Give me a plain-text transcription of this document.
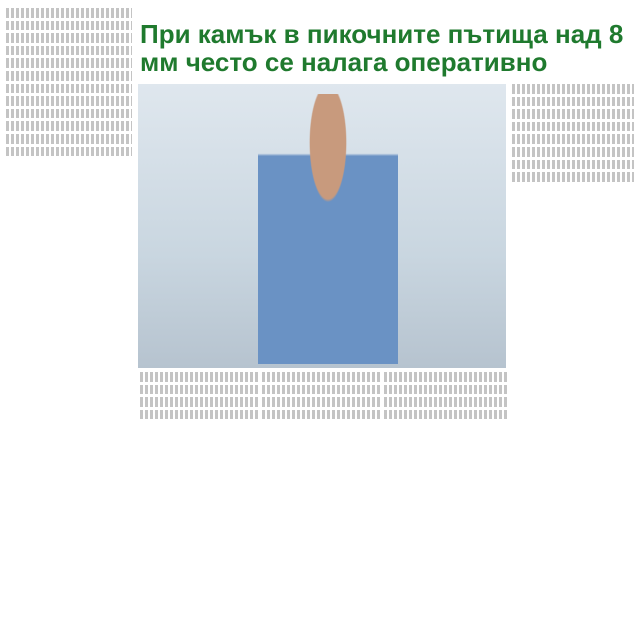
При камък в пикочните пътища над 8 мм често се налага оперативно
